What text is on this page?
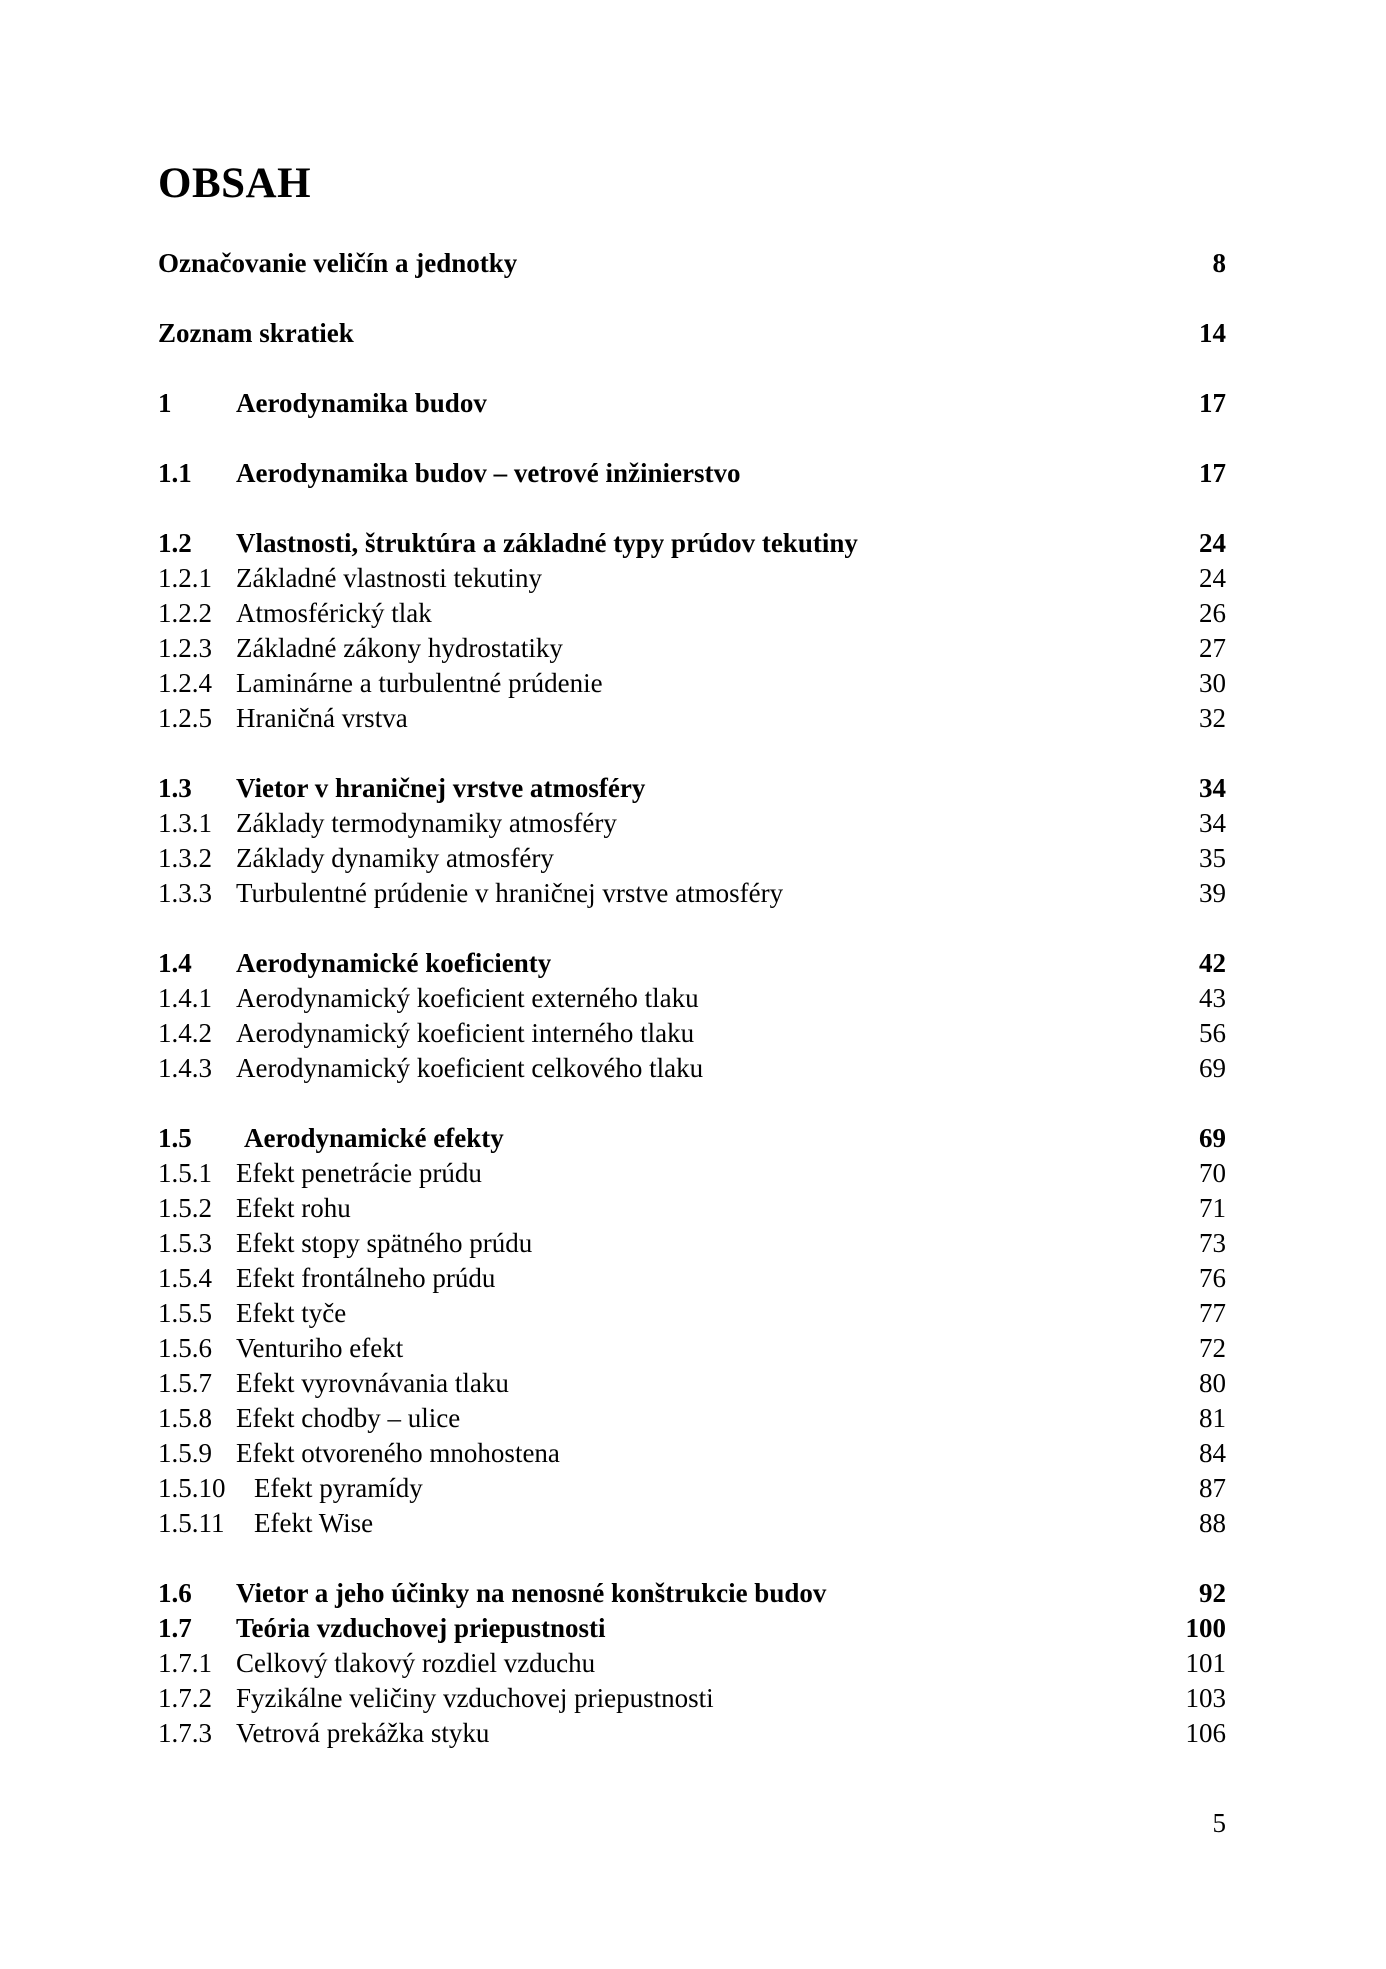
OBSAH
Označovanie veličín a jednotky	8
Zoznam skratiek	14
1 Aerodynamika budov	17
1.1 Aerodynamika budov – vetrové inžinierstvo	17
1.2 Vlastnosti, štruktúra a základné typy prúdov tekutiny	24
1.2.1 Základné vlastnosti tekutiny	24
1.2.2 Atmosférický tlak	26
1.2.3 Základné zákony hydrostatiky	27
1.2.4 Laminárne a turbulentné prúdenie	30
1.2.5 Hraničná vrstva	32
1.3 Vietor v hraničnej vrstve atmosféry	34
1.3.1 Základy termodynamiky atmosféry	34
1.3.2 Základy dynamiky atmosféry	35
1.3.3 Turbulentné prúdenie v hraničnej vrstve atmosféry	39
1.4 Aerodynamické koeficienty	42
1.4.1 Aerodynamický koeficient externého tlaku	43
1.4.2 Aerodynamický koeficient interného tlaku	56
1.4.3 Aerodynamický koeficient celkového tlaku	69
1.5 Aerodynamické efekty	69
1.5.1 Efekt penetrácie prúdu	70
1.5.2 Efekt rohu	71
1.5.3 Efekt stopy spätného prúdu	73
1.5.4 Efekt frontálneho prúdu	76
1.5.5 Efekt tyče	77
1.5.6 Venturiho efekt	72
1.5.7 Efekt vyrovnávania tlaku	80
1.5.8 Efekt chodby – ulice	81
1.5.9 Efekt otvoreného mnohostena	84
1.5.10 Efekt pyramídy	87
1.5.11 Efekt Wise	88
1.6 Vietor a jeho účinky na nenosné konštrukcie budov	92
1.7 Teória vzduchovej priepustnosti	100
1.7.1 Celkový tlakový rozdiel vzduchu	101
1.7.2 Fyzikálne veličiny vzduchovej priepustnosti	103
1.7.3 Vetrová prekážka styku	106
5
